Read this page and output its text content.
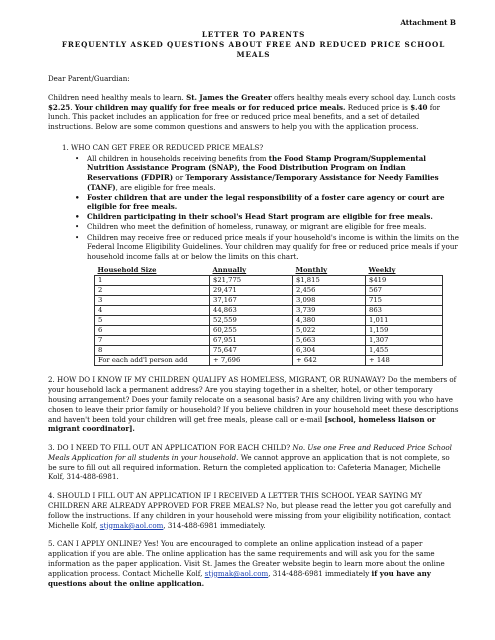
Attachment B
LETTER TO PARENTS
FREQUENTLY ASKED QUESTIONS ABOUT FREE AND REDUCED PRICE SCHOOL
MEALS

Dear Parent/Guardian:

Children need healthy meals to learn. St. James the Greater offers healthy meals every school day. Lunch costs $2.25. Your children may qualify for free meals or for reduced price meals. Reduced price is $.40 for lunch. This packet includes an application for free or reduced price meal benefits, and a set of detailed instructions. Below are some common questions and answers to help you with the application process.

1. WHO CAN GET FREE OR REDUCED PRICE MEALS?

• All children in households receiving benefits from the Food Stamp Program/Supplemental Nutrition Assistance Program (SNAP), the Food Distribution Program on Indian Reservations (FDPIR) or Temporary Assistance/Temporary Assistance for Needy Families (TANF), are eligible for free meals.
• Foster children that are under the legal responsibility of a foster care agency or court are eligible for free meals.
• Children participating in their school's Head Start program are eligible for free meals.
• Children who meet the definition of homeless, runaway, or migrant are eligible for free meals.
• Children may receive free or reduced price meals if your household's income is within the limits on the Federal Income Eligibility Guidelines. Your children may qualify for free or reduced price meals if your household income falls at or below the limits on this chart.
Household Size	Annually	Monthly	Weekly
1	$21,775	$1,815	$419
2	29,471	2,456	567
3	37,167	3,098	715
4	44,863	3,739	863
5	52,559	4,380	1,011
6	60,255	5,022	1,159
7	67,951	5,663	1,307
8	75,647	6,304	1,455
For each add'l person add	+ 7,696	+ 642	+ 148

2. HOW DO I KNOW IF MY CHILDREN QUALIFY AS HOMELESS, MIGRANT, OR RUNAWAY? Do the members of your household lack a permanent address? Are you staying together in a shelter, hotel, or other temporary housing arrangement? Does your family relocate on a seasonal basis? Are any children living with you who have chosen to leave their prior family or household? If you believe children in your household meet these descriptions and haven't been told your children will get free meals, please call or e-mail [school, homeless liaison or migrant coordinator].

3. DO I NEED TO FILL OUT AN APPLICATION FOR EACH CHILD? No. Use one Free and Reduced Price School Meals Application for all students in your household. We cannot approve an application that is not complete, so be sure to fill out all required information. Return the completed application to: Cafeteria Manager, Michelle Kolf, 314-488-6981.

4. SHOULD I FILL OUT AN APPLICATION IF I RECEIVED A LETTER THIS SCHOOL YEAR SAYING MY CHILDREN ARE ALREADY APPROVED FOR FREE MEALS? No, but please read the letter you got carefully and follow the instructions. If any children in your household were missing from your eligibility notification, contact Michelle Kolf, stjgmak@aol.com, 314-488-6981 immediately.

5. CAN I APPLY ONLINE? Yes! You are encouraged to complete an online application instead of a paper application if you are able. The online application has the same requirements and will ask you for the same information as the paper application. Visit St. James the Greater website begin to learn more about the online application process. Contact Michelle Kolf, stjgmak@aol.com, 314-488-6981 immediately if you have any questions about the online application.
